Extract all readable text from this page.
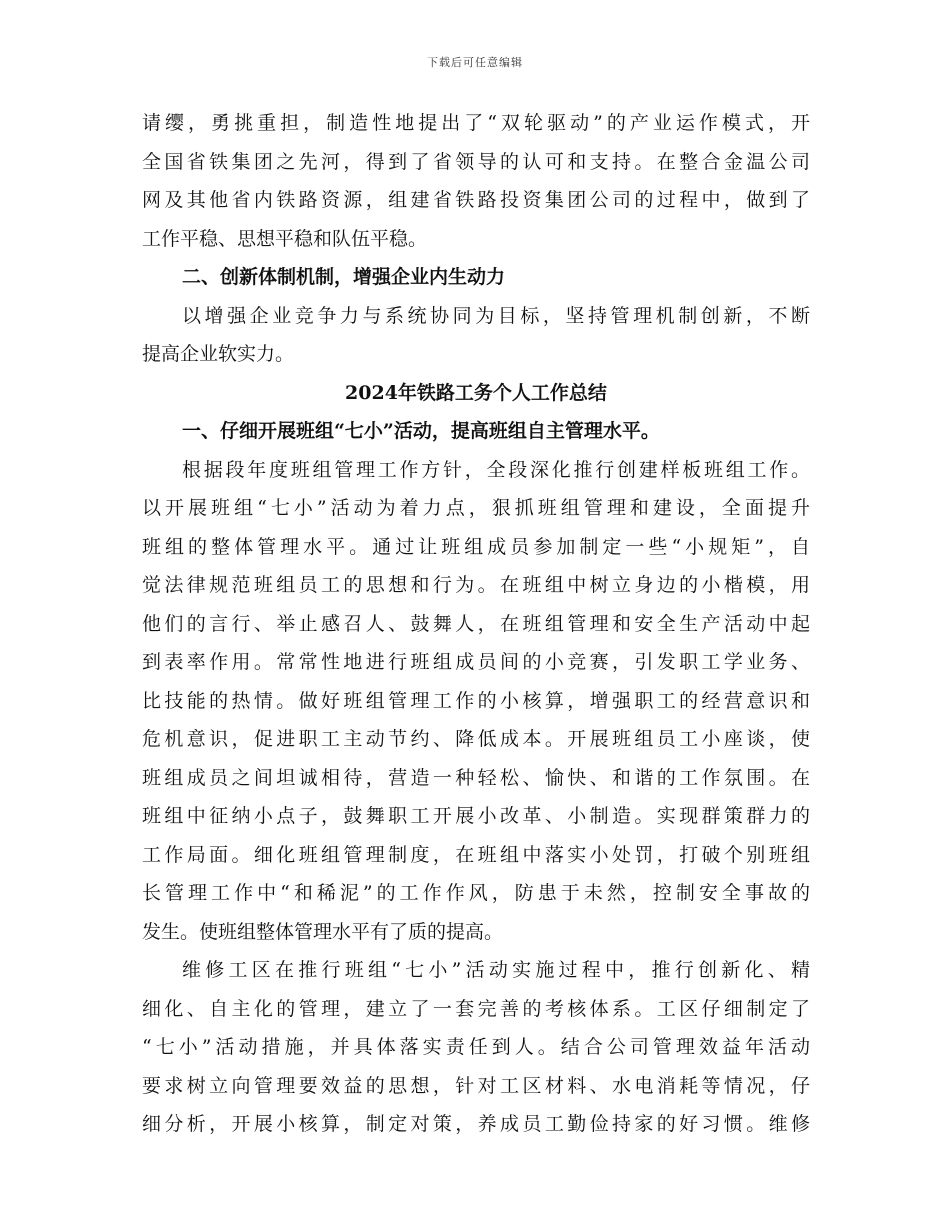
下载后可任意编辑
请缨，勇挑重担，制造性地提出了“双轮驱动”的产业运作模式，开
全国省铁集团之先河，得到了省领导的认可和支持。在整合金温公司
网及其他省内铁路资源，组建省铁路投资集团公司的过程中，做到了
工作平稳、思想平稳和队伍平稳。
二、创新体制机制，增强企业内生动力
以增强企业竞争力与系统协同为目标，坚持管理机制创新，不断
提高企业软实力。
2024年铁路工务个人工作总结
一、仔细开展班组“七小”活动，提高班组自主管理水平。
根据段年度班组管理工作方针，全段深化推行创建样板班组工作。
以开展班组“七小”活动为着力点，狠抓班组管理和建设，全面提升
班组的整体管理水平。通过让班组成员参加制定一些“小规矩”，自
觉法律规范班组员工的思想和行为。在班组中树立身边的小楷模，用
他们的言行、举止感召人、鼓舞人，在班组管理和安全生产活动中起
到表率作用。常常性地进行班组成员间的小竞赛，引发职工学业务、
比技能的热情。做好班组管理工作的小核算，增强职工的经营意识和
危机意识，促进职工主动节约、降低成本。开展班组员工小座谈，使
班组成员之间坦诚相待，营造一种轻松、愉快、和谐的工作氛围。在
班组中征纳小点子，鼓舞职工开展小改革、小制造。实现群策群力的
工作局面。细化班组管理制度，在班组中落实小处罚，打破个别班组
长管理工作中“和稀泥”的工作作风，防患于未然，控制安全事故的
发生。使班组整体管理水平有了质的提高。
维修工区在推行班组“七小”活动实施过程中，推行创新化、精
细化、自主化的管理，建立了一套完善的考核体系。工区仔细制定了
“七小”活动措施，并具体落实责任到人。结合公司管理效益年活动
要求树立向管理要效益的思想，针对工区材料、水电消耗等情况，仔
细分析，开展小核算，制定对策，养成员工勤俭持家的好习惯。维修
